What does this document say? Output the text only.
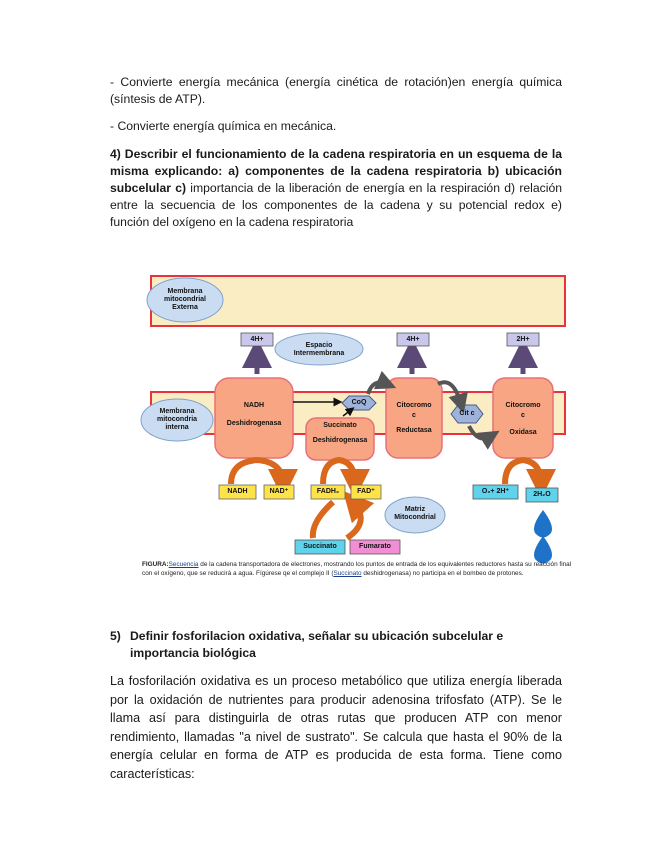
- Convierte energía mecánica (energía cinética de rotación)en energía química (síntesis de ATP).

- Convierte energía química en mecánica.

4) Describir el funcionamiento de la cadena respiratoria en un esquema de la misma explicando: a) componentes de la cadena respiratoria b) ubicación subcelular c) importancia de la liberación de energía en la respiración d) relación entre la secuencia de los componentes de la cadena y su potencial redox e) función del oxígeno en la cadena respiratoria

Membrana mitocondrial Externa
Espacio Intermembrana
Membrana mitocondria interna
Matriz Mitocondrial
4H+	4H+	2H+
NADH
Deshidrogenasa	Succinato
Deshidrogenasa
CoQ
Cit c
Citocromo
c
Reductasa
Citocromo
c
Oxidasa
NADH	NAD⁺	FADH₂	FAD⁺	O₂+ 2H⁺	2H₂O
Succinato	Fumarato
FIGURA:Secuencia de la cadena transportadora de electrones, mostrando los puntos de entrada de los equivalentes reductores hasta su reacción final con el oxígeno, que se reducirá a agua. Fígúrese qe el complejo II (Succinato deshidrogenasa) no participa en el bombeo de protones.
5) Definir fosforilacion oxidativa, señalar su ubicación subcelular e importancia biológica

La fosforilación oxidativa es un proceso metabólico que utiliza energía liberada por la oxidación de nutrientes para producir adenosina trifosfato (ATP). Se le llama así para distinguirla de otras rutas que producen ATP con menor rendimiento, llamadas "a nivel de sustrato". Se calcula que hasta el 90% de la energía celular en forma de ATP es producida de esta forma. Tiene como características:
